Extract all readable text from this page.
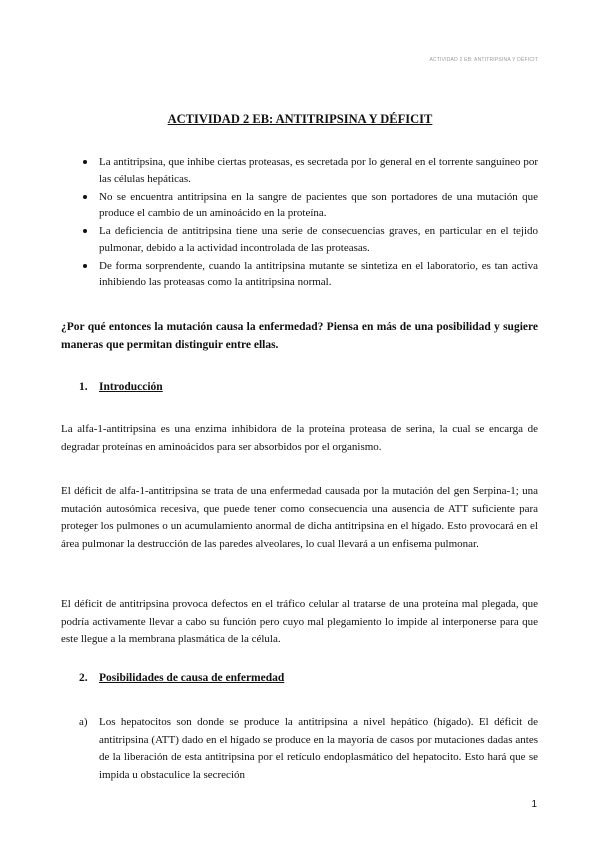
ACTIVIDAD 2 EB: ANTITRIPSINA Y DÉFICIT
ACTIVIDAD 2 EB: ANTITRIPSINA Y DÉFICIT
La antitripsina, que inhibe ciertas proteasas, es secretada por lo general en el torrente sanguíneo por las células hepáticas.
No se encuentra antitripsina en la sangre de pacientes que son portadores de una mutación que produce el cambio de un aminoácido en la proteína.
La deficiencia de antitripsina tiene una serie de consecuencias graves, en particular en el tejido pulmonar, debido a la actividad incontrolada de las proteasas.
De forma sorprendente, cuando la antitripsina mutante se sintetiza en el laboratorio, es tan activa inhibiendo las proteasas como la antitripsina normal.
¿Por qué entonces la mutación causa la enfermedad? Piensa en más de una posibilidad y sugiere maneras que permitan distinguir entre ellas.
1. Introducción

La alfa-1-antitripsina es una enzima inhibidora de la proteína proteasa de serina, la cual se encarga de degradar proteínas en aminoácidos para ser absorbidos por el organismo.

El déficit de alfa-1-antitripsina se trata de una enfermedad causada por la mutación del gen Serpina-1; una mutación autosómica recesiva, que puede tener como consecuencia una ausencia de ATT suficiente para proteger los pulmones o un acumulamiento anormal de dicha antitripsina en el hígado. Esto provocará en el área pulmonar la destrucción de las paredes alveolares, lo cual llevará a un enfisema pulmonar.

El déficit de antitripsina provoca defectos en el tráfico celular al tratarse de una proteína mal plegada, que podría activamente llevar a cabo su función pero cuyo mal plegamiento lo impide al interponerse para que este llegue a la membrana plasmática de la célula.

2. Posibilidades de causa de enfermedad
a)	Los hepatocitos son donde se produce la antitripsina a nivel hepático (hígado). El déficit de antitripsina (ATT) dado en el hígado se produce en la mayoría de casos por mutaciones dadas antes de la liberación de esta antitripsina por el retículo endoplasmático del hepatocito. Esto hará que se impida u obstaculice la secreción
1
